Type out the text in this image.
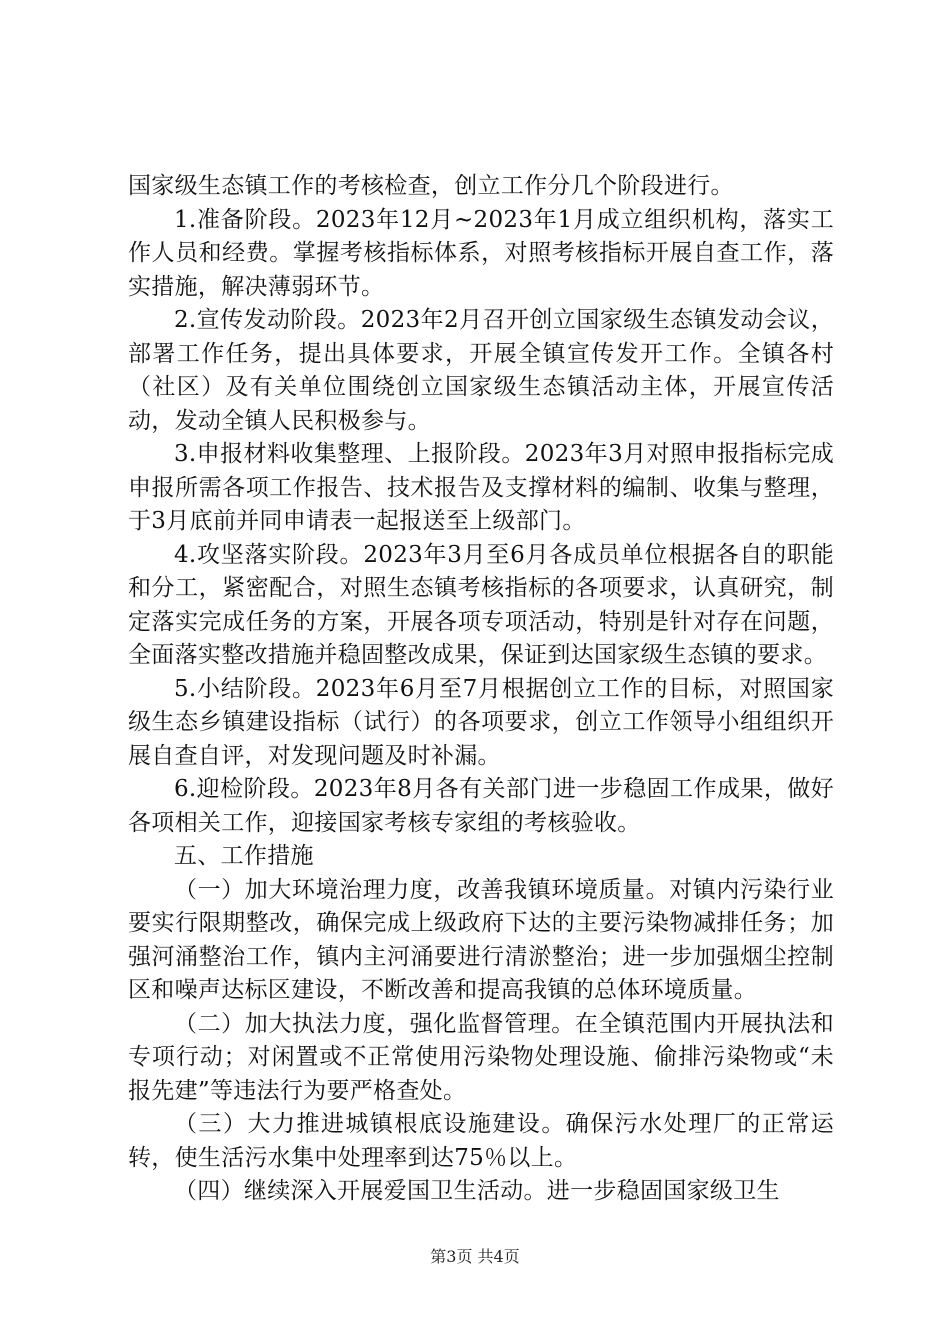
国家级生态镇工作的考核检查，创立工作分几个阶段进行。

1.准备阶段。2023年12月~2023年1月成立组织机构，落实工作人员和经费。掌握考核指标体系，对照考核指标开展自查工作，落实措施，解决薄弱环节。

2.宣传发动阶段。2023年2月召开创立国家级生态镇发动会议，部署工作任务，提出具体要求，开展全镇宣传发开工作。全镇各村（社区）及有关单位围绕创立国家级生态镇活动主体，开展宣传活动，发动全镇人民积极参与。

3.申报材料收集整理、上报阶段。2023年3月对照申报指标完成申报所需各项工作报告、技术报告及支撑材料的编制、收集与整理，于3月底前并同申请表一起报送至上级部门。

4.攻坚落实阶段。2023年3月至6月各成员单位根据各自的职能和分工，紧密配合，对照生态镇考核指标的各项要求，认真研究，制定落实完成任务的方案，开展各项专项活动，特别是针对存在问题，全面落实整改措施并稳固整改成果，保证到达国家级生态镇的要求。

5.小结阶段。2023年6月至7月根据创立工作的目标，对照国家级生态乡镇建设指标（试行）的各项要求，创立工作领导小组组织开展自查自评，对发现问题及时补漏。

6.迎检阶段。2023年8月各有关部门进一步稳固工作成果，做好各项相关工作，迎接国家考核专家组的考核验收。

五、工作措施

（一）加大环境治理力度，改善我镇环境质量。对镇内污染行业要实行限期整改，确保完成上级政府下达的主要污染物减排任务；加强河涌整治工作，镇内主河涌要进行清淤整治；进一步加强烟尘控制区和噪声达标区建设，不断改善和提高我镇的总体环境质量。

（二）加大执法力度，强化监督管理。在全镇范围内开展执法和专项行动；对闲置或不正常使用污染物处理设施、偷排污染物或“未报先建”等违法行为要严格查处。

（三）大力推进城镇根底设施建设。确保污水处理厂的正常运转，使生活污水集中处理率到达75％以上。

（四）继续深入开展爱国卫生活动。进一步稳固国家级卫生

第3页 共4页
